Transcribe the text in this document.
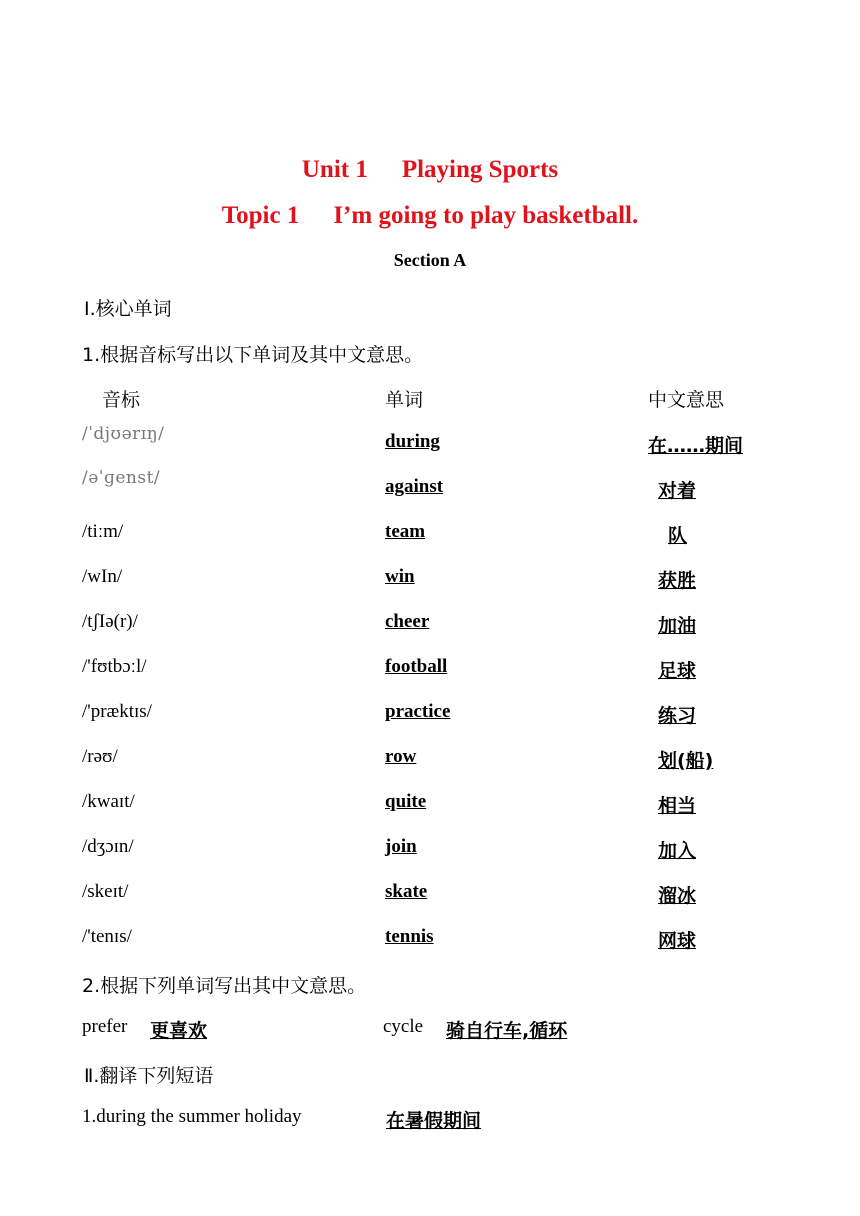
Unit 1 Playing Sports
Topic 1 I’m going to play basketball.
Section A
Ⅰ.核心单词
1.根据音标写出以下单词及其中文意思。
音标	单词	中文意思
/ˈdjʊərɪŋ/	during	在……期间
/əˈɡenst/	against	对着
/tiːm/	team	队
/wIn/	win	获胜
/tʃIə(r)/	cheer	加油
/'fʊtbɔːl/	football	足球
/'præktɪs/	practice	练习
/rəʊ/	row	划(船)
/kwaɪt/	quite	相当
/dʒɔɪn/	join	加入
/skeɪt/	skate	溜冰
/'tenɪs/	tennis	网球
2.根据下列单词写出其中文意思。
prefer 更喜欢	cycle 骑自行车,循环
Ⅱ.翻译下列短语
1.during the summer holiday	在暑假期间
